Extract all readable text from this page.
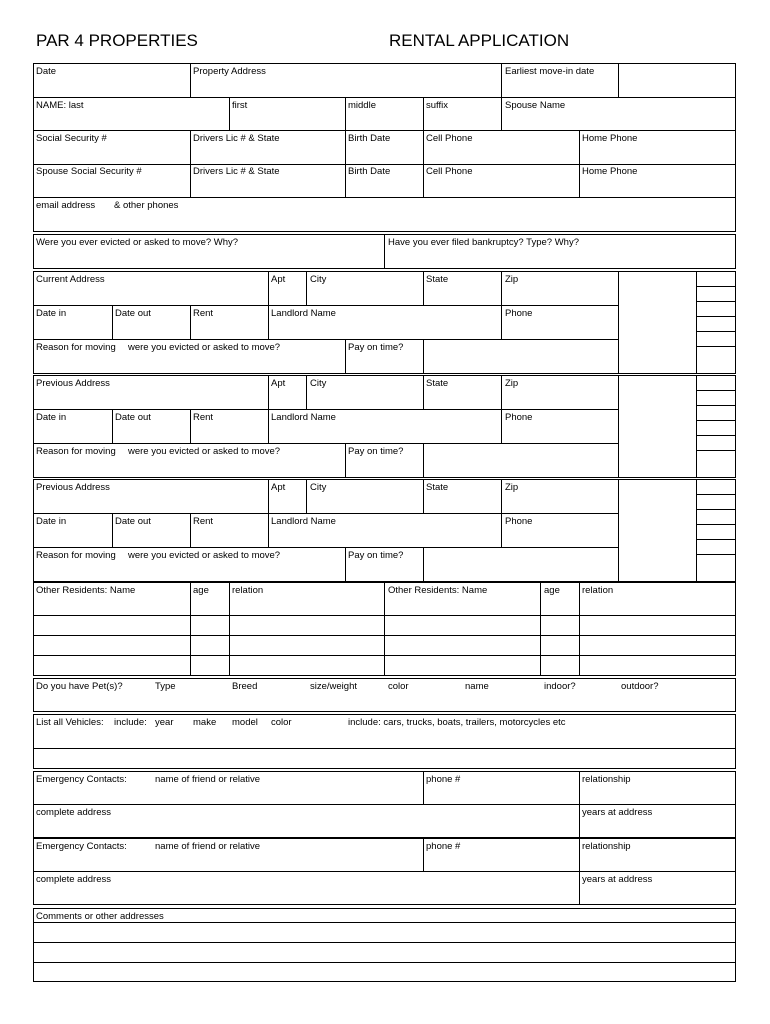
PAR 4 PROPERTIES	RENTAL APPLICATION
Date	Property Address	Earliest move-in date
NAME: last	first	middle	suffix	Spouse Name
Social Security #	Drivers Lic # & State	Birth Date	Cell Phone	Home Phone
Spouse Social Security #	Drivers Lic # & State	Birth Date	Cell Phone	Home Phone
email address & other phones
Were you ever evicted or asked to move? Why?	Have you ever filed bankruptcy? Type? Why?
Current Address	Apt	City	State	Zip
Date in	Date out	Rent	Landlord Name	Phone
Reason for moving were you evicted or asked to move?	Pay on time?
Previous Address	Apt	City	State	Zip
Date in	Date out	Rent	Landlord Name	Phone
Reason for moving were you evicted or asked to move?	Pay on time?
Previous Address	Apt	City	State	Zip
Date in	Date out	Rent	Landlord Name	Phone
Reason for moving were you evicted or asked to move?	Pay on time?
Other Residents: Name	age relation	Other Residents: Name	age relation
Do you have Pet(s)?	Type	Breed	size/weight	color	name	indoor?	outdoor?
List all Vehicles: include: year make model color	include: cars, trucks, boats, trailers, motorcycles etc
Emergency Contacts:	name of friend or relative	phone #	relationship
complete address	years at address
Emergency Contacts:	name of friend or relative	phone #	relationship
complete address	years at address
Comments or other addresses
